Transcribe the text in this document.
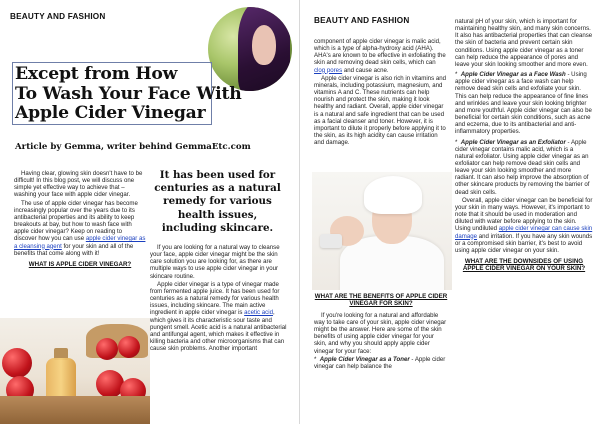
BEAUTY AND FASHION
Except from How
To Wash Your Face With
Apple Cider Vinegar
Article by Gemma, writer behind GemmaEtc.com

Having clear, glowing skin doesn't have to be difficult! In this blog post, we will discuss one simple yet effective way to achieve that – washing your face with apple cider vinegar.

The use of apple cider vinegar has become increasingly popular over the years due to its antibacterial properties and its ability to keep breakouts at bay, but how to wash face with apple cider vinegar? Keep on reading to discover how you can use apple cider vinegar as a cleansing agent for your skin and all of the benefits that come along with it!

WHAT IS APPLE CIDER VINEGAR?
It has been used for centuries as a natural remedy for various health issues, including skincare.

If you are looking for a natural way to cleanse your face, apple cider vinegar might be the skin care solution you are looking for, as there are multiple ways to use apple cider vinegar in your skincare routine.

Apple cider vinegar is a type of vinegar made from fermented apple juice. It has been used for centuries as a natural remedy for various health issues, including skincare. The main active ingredient in apple cider vinegar is acetic acid, which gives it its characteristic sour taste and pungent smell. Acetic acid is a natural antibacterial and antifungal agent, which makes it effective in killing bacteria and other microorganisms that can cause skin problems. Another important

BEAUTY AND FASHION

component of apple cider vinegar is malic acid, which is a type of alpha-hydroxy acid (AHA). AHA's are known to be effective in exfoliating the skin and removing dead skin cells, which can clog pores and cause acne.

Apple cider vinegar is also rich in vitamins and minerals, including potassium, magnesium, and vitamins A and C. These nutrients can help nourish and protect the skin, making it look healthy and radiant. Overall, apple cider vinegar is a natural and safe ingredient that can be used as a facial cleanser and toner. However, it is important to dilute it properly before applying it to the skin, as its high acidity can cause irritation and damage.

WHAT ARE THE BENEFITS OF APPLE CIDER VINEGAR FOR SKIN?

If you're looking for a natural and affordable way to take care of your skin, apple cider vinegar might be the answer. Here are some of the skin benefits of using apple cider vinegar for your skin, and why you should apply apple cider vinegar for your face:

*  Apple Cider Vinegar as a Toner - Apple cider vinegar can help balance the

natural pH of your skin, which is important for maintaining healthy skin, and many skin concerns. It also has antibacterial properties that can cleanse the skin of bacteria and prevent certain skin conditions. Using apple cider vinegar as a toner can help reduce the appearance of pores and leave your skin looking smoother and more even.

*  Apple Cider Vinegar as a Face Wash - Using apple cider vinegar as a face wash can help remove dead skin cells and exfoliate your skin. This can help reduce the appearance of fine lines and wrinkles and leave your skin looking brighter and more youthful. Apple cider vinegar can also be beneficial for certain skin conditions, such as acne and eczema, due to its antibacterial and anti-inflammatory properties.

*  Apple Cider Vinegar as an Exfoliator - Apple cider vinegar contains malic acid, which is a natural exfoliator. Using apple cider vinegar as an exfoliator can help remove dead skin cells and leave your skin looking smoother and more radiant. It can also help improve the absorption of other skincare products by removing the barrier of dead skin cells.

Overall, apple cider vinegar can be beneficial for your skin in many ways. However, it's important to note that it should be used in moderation and diluted with water before applying to the skin. Using undiluted apple cider vinegar can cause skin damage and irritation. If you have any skin wounds or a compromised skin barrier, it's best to avoid using apple cider vinegar on your skin.

WHAT ARE THE DOWNSIDES OF USING APPLE CIDER VINEGAR ON YOUR SKIN?
